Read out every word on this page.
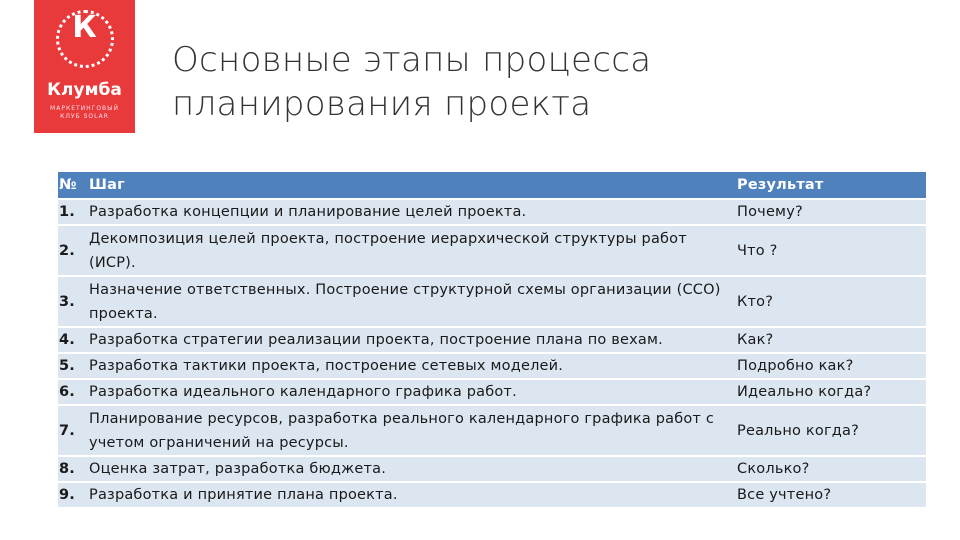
К
Клумба
МАРКЕТИНГОВЫЙ КЛУБ SOLAR
Основные этапы процесса планирования проекта
№	Шаг	Результат
1.	Разработка концепции и планирование целей проекта.	Почему?
2.	Декомпозиция целей проекта, построение иерархической структуры работ (ИСР).	Что ?
3.	Назначение ответственных. Построение структурной схемы организации (ССО) проекта.	Кто?
4.	Разработка стратегии реализации проекта, построение плана по вехам.	Как?
5.	Разработка тактики проекта, построение сетевых моделей.	Подробно как?
6.	Разработка идеального календарного графика работ.	Идеально когда?
7.	Планирование ресурсов, разработка реального календарного графика работ с учетом ограничений на ресурсы.	Реально когда?
8.	Оценка затрат, разработка бюджета.	Сколько?
9.	Разработка и принятие плана проекта.	Все учтено?
